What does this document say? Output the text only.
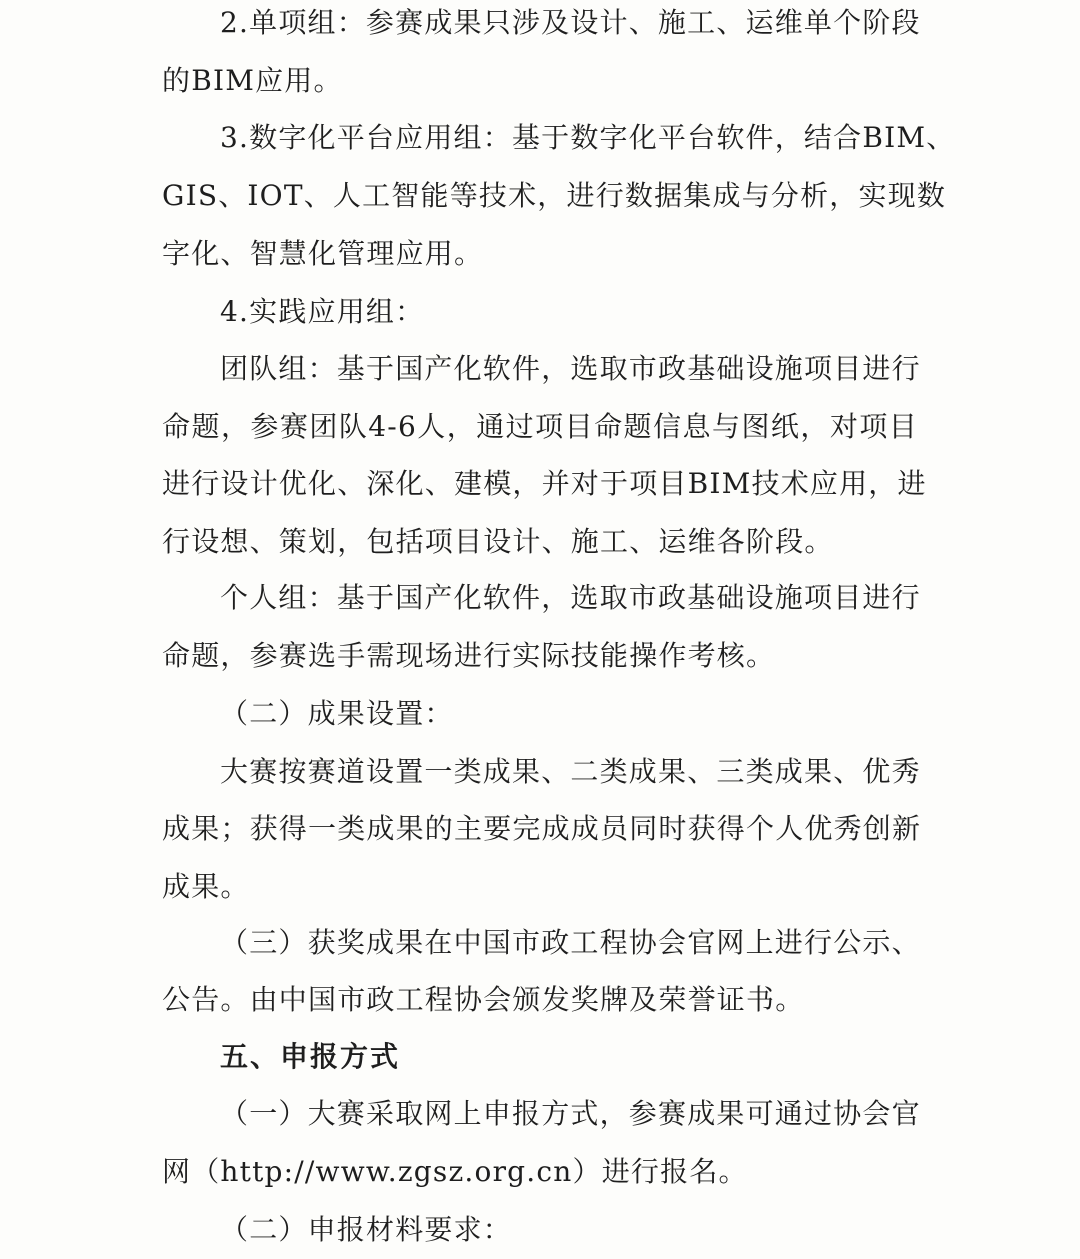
2.单项组：参赛成果只涉及设计、施工、运维单个阶段
的BIM应用。
3.数字化平台应用组：基于数字化平台软件，结合BIM、
GIS、IOT、人工智能等技术，进行数据集成与分析，实现数
字化、智慧化管理应用。
4.实践应用组：
团队组：基于国产化软件，选取市政基础设施项目进行
命题，参赛团队4-6人，通过项目命题信息与图纸，对项目
进行设计优化、深化、建模，并对于项目BIM技术应用，进
行设想、策划，包括项目设计、施工、运维各阶段。
个人组：基于国产化软件，选取市政基础设施项目进行
命题，参赛选手需现场进行实际技能操作考核。
（二）成果设置：
大赛按赛道设置一类成果、二类成果、三类成果、优秀
成果；获得一类成果的主要完成成员同时获得个人优秀创新
成果。
（三）获奖成果在中国市政工程协会官网上进行公示、
公告。由中国市政工程协会颁发奖牌及荣誉证书。
五、申报方式
（一）大赛采取网上申报方式，参赛成果可通过协会官
网（http://www.zgsz.org.cn）进行报名。
（二）申报材料要求：
